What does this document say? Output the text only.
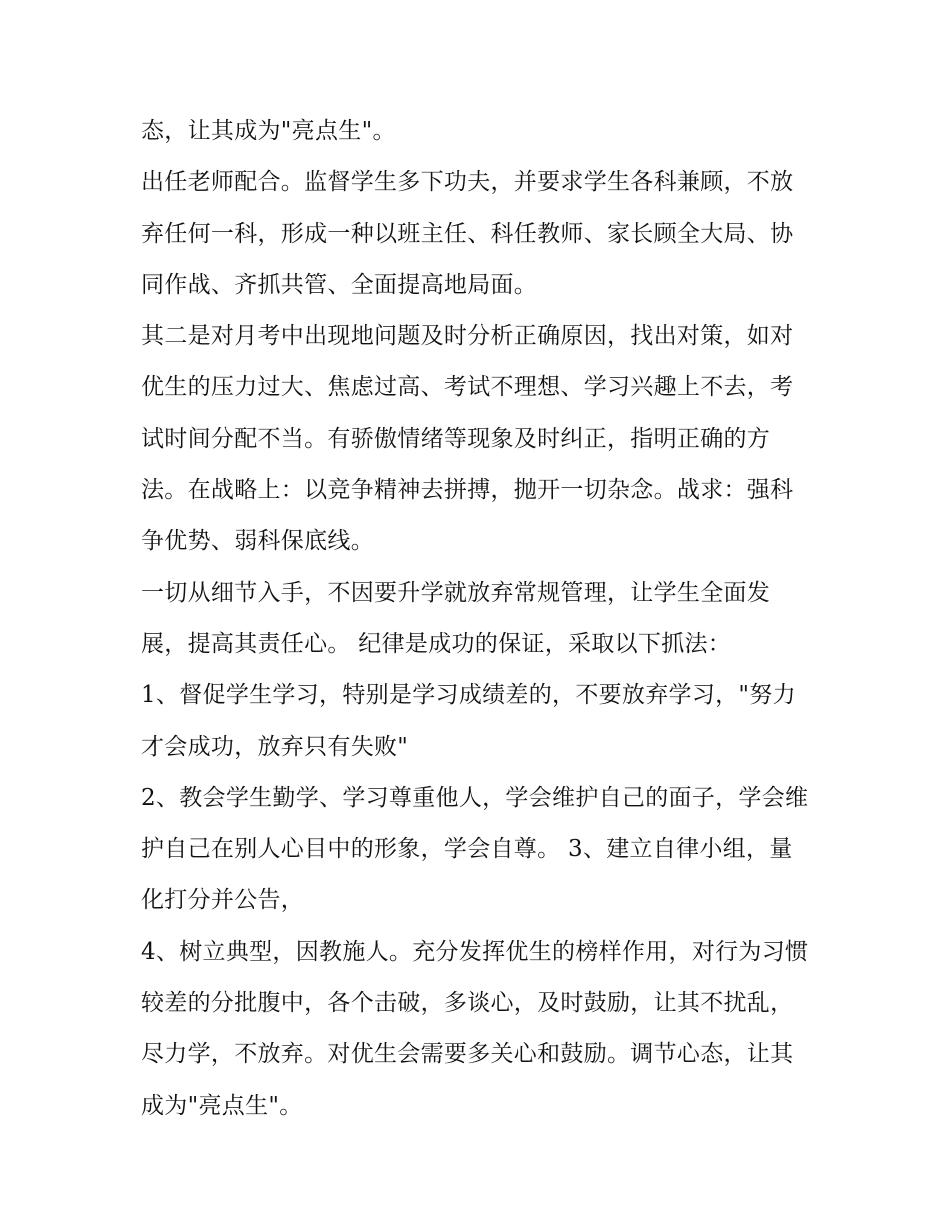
态，让其成为"亮点生"。

出任老师配合。监督学生多下功夫，并要求学生各科兼顾，不放弃任何一科，形成一种以班主任、科任教师、家长顾全大局、协同作战、齐抓共管、全面提高地局面。

其二是对月考中出现地问题及时分析正确原因，找出对策，如对优生的压力过大、焦虑过高、考试不理想、学习兴趣上不去，考试时间分配不当。有骄傲情绪等现象及时纠正，指明正确的方法。在战略上：以竞争精神去拼搏，抛开一切杂念。战求：强科争优势、弱科保底线。

一切从细节入手，不因要升学就放弃常规管理，让学生全面发展，提高其责任心。 纪律是成功的保证，采取以下抓法：

1、督促学生学习，特别是学习成绩差的，不要放弃学习，"努力才会成功，放弃只有失败"

2、教会学生勤学、学习尊重他人，学会维护自己的面子，学会维护自己在别人心目中的形象，学会自尊。 3、建立自律小组，量化打分并公告，

4、树立典型，因教施人。充分发挥优生的榜样作用，对行为习惯较差的分批腹中，各个击破，多谈心，及时鼓励，让其不扰乱，尽力学，不放弃。对优生会需要多关心和鼓励。调节心态，让其成为"亮点生"。
